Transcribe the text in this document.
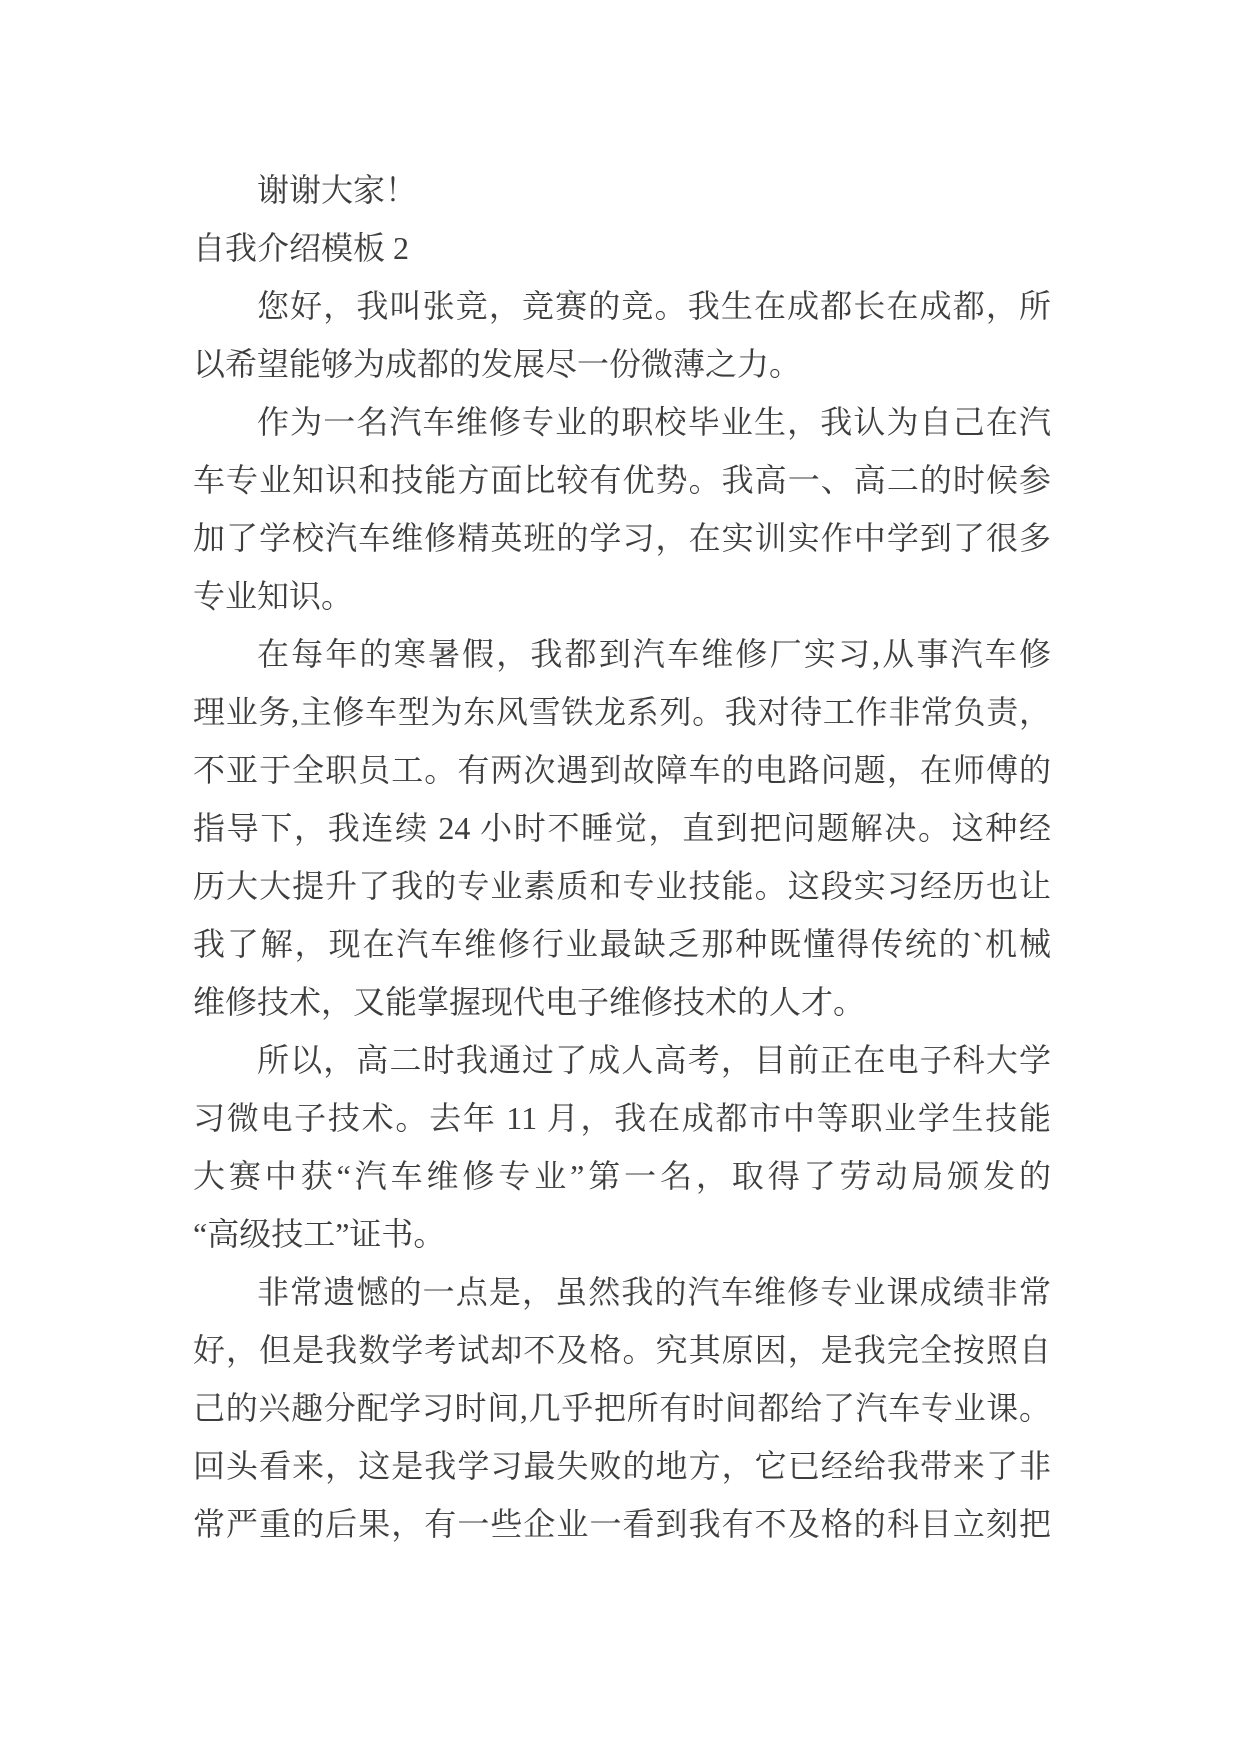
谢谢大家！
自我介绍模板 2
您好，我叫张竞，竞赛的竞。我生在成都长在成都，所
以希望能够为成都的发展尽一份微薄之力。
作为一名汽车维修专业的职校毕业生，我认为自己在汽
车专业知识和技能方面比较有优势。我高一、高二的时候参
加了学校汽车维修精英班的学习，在实训实作中学到了很多
专业知识。
在每年的寒暑假，我都到汽车维修厂实习,从事汽车修
理业务,主修车型为东风雪铁龙系列。我对待工作非常负责，
不亚于全职员工。有两次遇到故障车的电路问题，在师傅的
指导下，我连续 24 小时不睡觉，直到把问题解决。这种经
历大大提升了我的专业素质和专业技能。这段实习经历也让
我了解，现在汽车维修行业最缺乏那种既懂得传统的`机械
维修技术，又能掌握现代电子维修技术的人才。
所以，高二时我通过了成人高考，目前正在电子科大学
习微电子技术。去年 11 月，我在成都市中等职业学生技能
大赛中获“汽车维修专业”第一名，取得了劳动局颁发的
“高级技工”证书。
非常遗憾的一点是，虽然我的汽车维修专业课成绩非常
好，但是我数学考试却不及格。究其原因，是我完全按照自
己的兴趣分配学习时间,几乎把所有时间都给了汽车专业课。
回头看来，这是我学习最失败的地方，它已经给我带来了非
常严重的后果，有一些企业一看到我有不及格的科目立刻把
